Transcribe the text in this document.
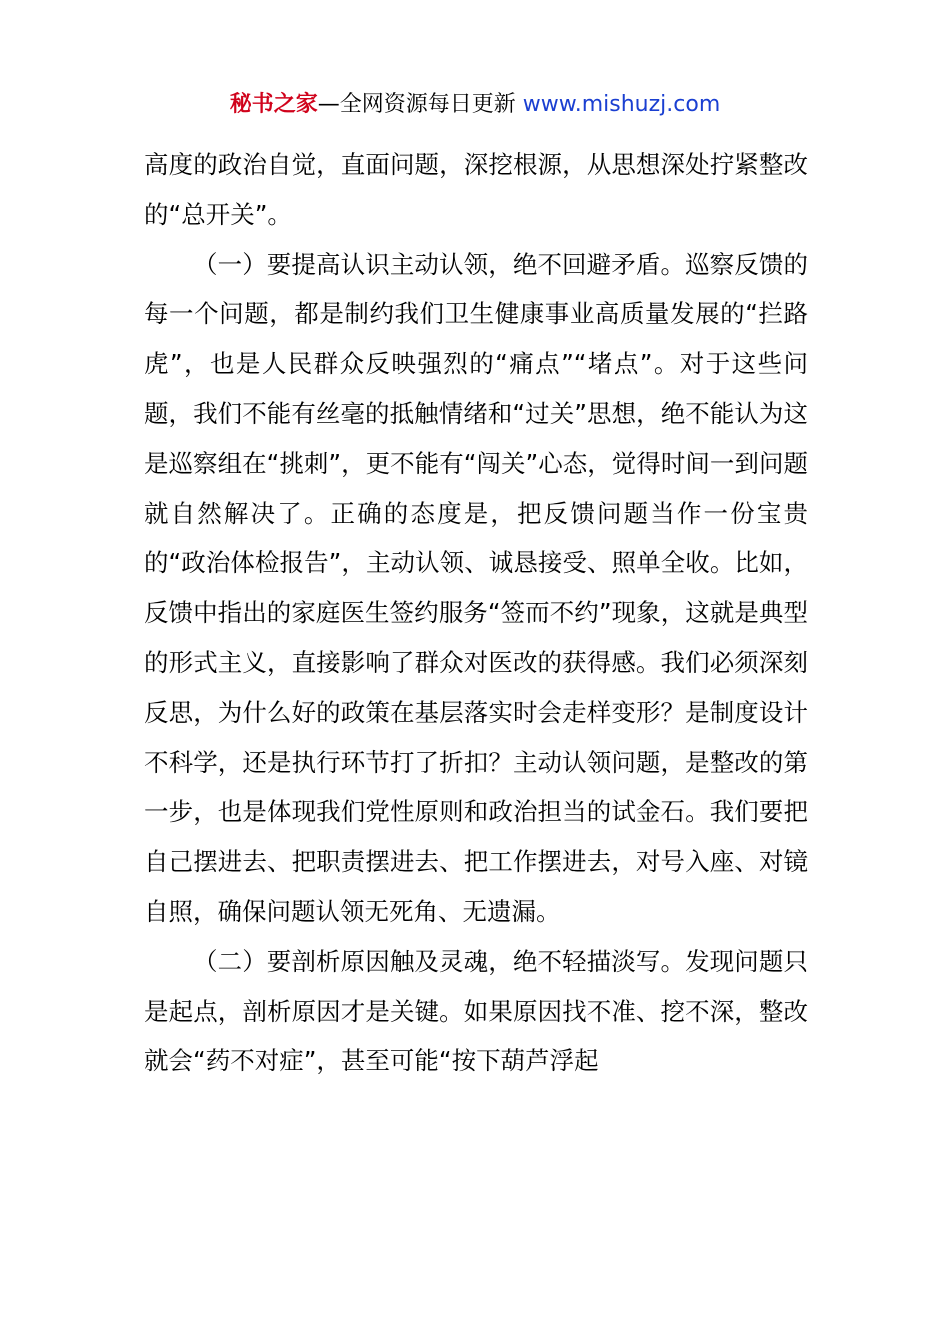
秘书之家—全网资源每日更新 www.mishuzj.com

高度的政治自觉，直面问题，深挖根源，从思想深处拧紧整改的“总开关”。

（一）要提高认识主动认领，绝不回避矛盾。巡察反馈的每一个问题，都是制约我们卫生健康事业高质量发展的“拦路虎”，也是人民群众反映强烈的“痛点”“堵点”。对于这些问题，我们不能有丝毫的抵触情绪和“过关”思想，绝不能认为这是巡察组在“挑刺”，更不能有“闯关”心态，觉得时间一到问题就自然解决了。正确的态度是，把反馈问题当作一份宝贵的“政治体检报告”，主动认领、诚恳接受、照单全收。比如，反馈中指出的家庭医生签约服务“签而不约”现象，这就是典型的形式主义，直接影响了群众对医改的获得感。我们必须深刻反思，为什么好的政策在基层落实时会走样变形？是制度设计不科学，还是执行环节打了折扣？主动认领问题，是整改的第一步，也是体现我们党性原则和政治担当的试金石。我们要把自己摆进去、把职责摆进去、把工作摆进去，对号入座、对镜自照，确保问题认领无死角、无遗漏。

（二）要剖析原因触及灵魂，绝不轻描淡写。发现问题只是起点，剖析原因才是关键。如果原因找不准、挖不深，整改就会“药不对症”，甚至可能“按下葫芦浮起
